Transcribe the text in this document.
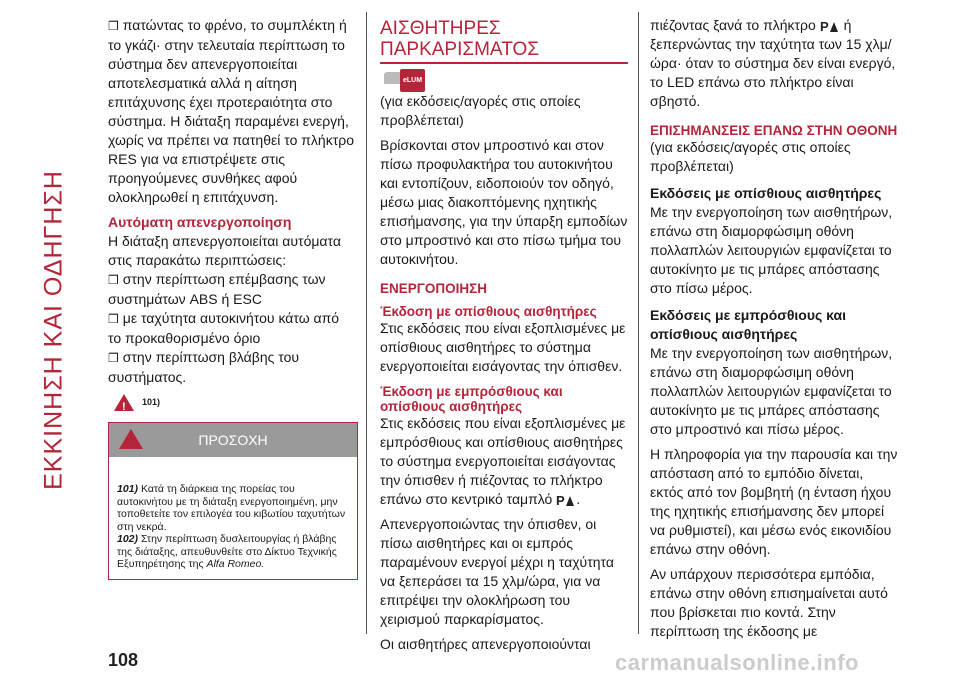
ΕΚΚΙΝΗΣΗ ΚΑΙ ΟΔΗΓΗΣΗ

❒ πατώντας το φρένο, το συμπλέκτη ή το γκάζι· στην τελευταία περίπτωση το σύστημα δεν απενεργοποιείται αποτελεσματικά αλλά η αίτηση επιτάχυνσης έχει προτεραιότητα στο σύστημα. Η διάταξη παραμένει ενεργή, χωρίς να πρέπει να πατηθεί το πλήκτρο RES για να επιστρέψετε στις προηγούμενες συνθήκες αφού ολοκληρωθεί η επιτάχυνση.

Αυτόματη απενεργοποίηση

Η διάταξη απενεργοποιείται αυτόματα στις παρακάτω περιπτώσεις:

❒ στην περίπτωση επέμβασης των συστημάτων ABS ή ESC

❒ με ταχύτητα αυτοκινήτου κάτω από το προκαθορισμένο όριο

❒ στην περίπτωση βλάβης του συστήματος.

! 101)
ΠΡΟΣΟΧΗ

101) Κατά τη διάρκεια της πορείας του αυτοκινήτου με τη διάταξη ενεργοποιημένη, μην τοποθετείτε τον επιλογέα του κιβωτίου ταχυτήτων στη νεκρά.

102) Στην περίπτωση δυσλειτουργίας ή βλάβης της διάταξης, απευθυνθείτε στο Δίκτυο Τεχνικής Εξυπηρέτησης της Alfa Romeo.

ΑΙΣΘΗΤΗΡΕΣ ΠΑΡΚΑΡΙΣΜΑΤΟΣ
eLUM

(για εκδόσεις/αγορές στις οποίες προβλέπεται)

Βρίσκονται στον μπροστινό και στον πίσω προφυλακτήρα του αυτοκινήτου και εντοπίζουν, ειδοποιούν τον οδηγό, μέσω μιας διακοπτόμενης ηχητικής επισήμανσης, για την ύπαρξη εμποδίων στο μπροστινό και στο πίσω τμήμα του αυτοκινήτου.

ΕΝΕΡΓΟΠΟΙΗΣΗ

Έκδοση με οπίσθιους αισθητήρες

Στις εκδόσεις που είναι εξοπλισμένες με οπίσθιους αισθητήρες το σύστημα ενεργοποιείται εισάγοντας την όπισθεν.

Έκδοση με εμπρόσθιους και οπίσθιους αισθητήρες

Στις εκδόσεις που είναι εξοπλισμένες με εμπρόσθιους και οπίσθιους αισθητήρες το σύστημα ενεργοποιείται εισάγοντας την όπισθεν ή πιέζοντας το πλήκτρο επάνω στο κεντρικό ταμπλό P .

Απενεργοποιώντας την όπισθεν, οι πίσω αισθητήρες και οι εμπρός παραμένουν ενεργοί μέχρι η ταχύτητα να ξεπεράσει τα 15 χλμ/ώρα, για να επιτρέψει την ολοκλήρωση του χειρισμού παρκαρίσματος.

Οι αισθητήρες απενεργοποιούνται

πιέζοντας ξανά το πλήκτρο P ή ξεπερνώντας την ταχύτητα των 15 χλμ/ώρα· όταν το σύστημα δεν είναι ενεργό, το LED επάνω στο πλήκτρο είναι σβηστό.

ΕΠΙΣΗΜΑΝΣΕΙΣ ΕΠΑΝΩ ΣΤΗΝ ΟΘΟΝΗ

(για εκδόσεις/αγορές στις οποίες προβλέπεται)

Εκδόσεις με οπίσθιους αισθητήρες

Με την ενεργοποίηση των αισθητήρων, επάνω στη διαμορφώσιμη οθόνη πολλαπλών λειτουργιών εμφανίζεται το αυτοκίνητο με τις μπάρες απόστασης στο πίσω μέρος.

Εκδόσεις με εμπρόσθιους και οπίσθιους αισθητήρες

Με την ενεργοποίηση των αισθητήρων, επάνω στη διαμορφώσιμη οθόνη πολλαπλών λειτουργιών εμφανίζεται το αυτοκίνητο με τις μπάρες απόστασης στο μπροστινό και πίσω μέρος.

Η πληροφορία για την παρουσία και την απόσταση από το εμπόδιο δίνεται, εκτός από τον βομβητή (η ένταση ήχου της ηχητικής επισήμανσης δεν μπορεί να ρυθμιστεί), και μέσω ενός εικονιδίου επάνω στην οθόνη.

Αν υπάρχουν περισσότερα εμπόδια, επάνω στην οθόνη επισημαίνεται αυτό που βρίσκεται πιο κοντά. Στην περίπτωση της έκδοσης με

108	carmanualsonline.info
